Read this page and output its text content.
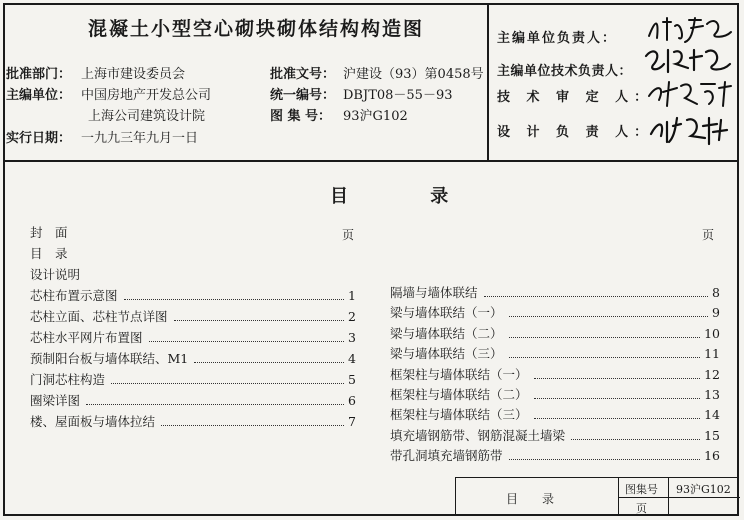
混凝土小型空心砌块砌体结构构造图
批准部门： 上海市建设委员会
主编单位： 中国房地产开发总公司
上海公司建筑设计院
实行日期： 一九九三年九月一日
批准文号： 沪建设（93）第0458号
统一编号： DBJT08－55－93
图 集 号： 93沪G102
主编单位负责人：
主编单位技术负责人：
技 术 审 定 人：
设 计 负 责 人：
目 录
页	页
封　面
目　录
设计说明
芯柱布置示意图	1
芯柱立面、芯柱节点详图	2
芯柱水平网片布置图	3
预制阳台板与墙体联结、M1	4
门洞芯柱构造	5
圈梁详图	6
楼、屋面板与墙体拉结	7
隔墙与墙体联结	8
梁与墙体联结（一）	9
梁与墙体联结（二）	10
梁与墙体联结（三）	11
框架柱与墙体联结（一）	12
框架柱与墙体联结（二）	13
框架柱与墙体联结（三）	14
填充墙钢筋带、钢筋混凝土墙梁	15
带孔洞填充墙钢筋带	16
目　　录
图集号 93沪G102
页
